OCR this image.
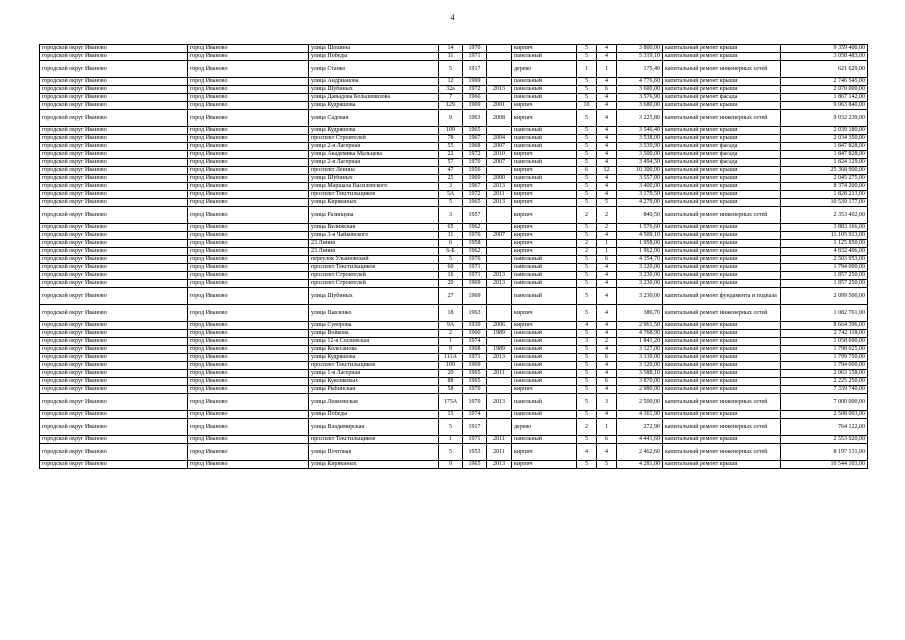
4
городской округ Иваново	город Иваново	улица Шошина	14	1970		кирпич	5	4	3 800,00	капитальный ремонт крыши	9 359 400,00
городской округ Иваново	город Иваново	улица Победы	11	1971		панельный	5	4	5 319,10	капитальный ремонт крыши	3 058 483,00
городской округ Иваново	город Иваново	улица Станко	5	1917		дерево	1	1	175,40	капитальный ремонт инженерных сетей	621 629,00
городской округ Иваново	город Иваново	улица Андрианова	12	1969		панельный	5	4	4 776,60	капитальный ремонт крыши	2 746 545,00
городской округ Иваново	город Иваново	улица Шубиных	32а	1972	2013	панельный	5	6	3 600,00	капитальный ремонт крыши	2 070 000,00
городской округ Иваново	город Иваново	улица Давыдова Большевизова	7	1966		панельный	5	4	3 576,90	капитальный ремонт фасада	1 867 142,00
городской округ Иваново	город Иваново	улица Кудряшова	129	1969	2001	кирпич	10	4	3 680,00	капитальный ремонт крыши	9 063 840,00
городской округ Иваново	город Иваново	улица Садовая	9	1963	2008	кирпич	5	4	3 225,80	капитальный ремонт инженерных сетей	9 032 239,00
городской округ Иваново	город Иваново	улица Кудряшова	109	1965		панельный	5	4	3 546,40	капитальный ремонт крыши	2 039 180,00
городской округ Иваново	город Иваново	проспект Строителей	78	1967	2004	панельный	5	4	3 538,00	капитальный ремонт крыши	2 034 350,00
городской округ Иваново	город Иваново	улица 2-я Лагерная	55	1968	2007	панельный	5	4	3 539,90	капитальный ремонт фасада	1 847 828,00
городской округ Иваново	город Иваново	улица Академика Мальцева	22	1972	2010	кирпич	5	4	3 500,00	капитальный ремонт фасада	1 847 828,00
городской округ Иваново	город Иваново	улица 2-я Лагерная	57	1970	2007	панельный	5	4	3 494,50	капитальный ремонт фасада	1 824 129,00
городской округ Иваново	город Иваново	проспект Ленина	47	1956		кирпич	6	12	10 300,00	капитальный ремонт крыши	25 368 900,00
городской округ Иваново	город Иваново	улица Шубиных	25	1969	2000	панельный	5	4	3 557,00	капитальный ремонт крыши	2 045 275,00
городской округ Иваново	город Иваново	улица Маршала Василевского	3	1967	2013	кирпич	5	4	3 400,00	капитальный ремонт крыши	8 374 200,00
городской округ Иваново	город Иваново	проспект Текстильщиков	5А	1972	2011	кирпич	5	4	3 179,50	капитальный ремонт крыши	1 828 213,00
городской округ Иваново	город Иваново	улица Кирякиных	5	1965	2013	кирпич	5	5	4 279,00	капитальный ремонт крыши	10 539 177,00
городской округ Иваново	город Иваново	улица Разинцева	3	1957		кирпич	2	2	840,50	капитальный ремонт инженерных сетей	2 353 402,00
городской округ Иваново	город Иваново	улица Велижская	65	1962		кирпич	5	2	1 576,60	капитальный ремонт крыши	3 883 166,00
городской округ Иваново	город Иваново	улица 3-я Чайковского	11	1976	2007	кирпич	5	4	4 509,10	капитальный ремонт крыши	11 105 913,00
городской округ Иваново	город Иваново	23 Линия	6	1958		кирпич	2	1	1 958,00	капитальный ремонт крыши	1 125 850,00
городской округ Иваново	город Иваново	23 Линия	6-Б	1962		кирпич	2	1	1 962,00	капитальный ремонт крыши	4 832 406,00
городской округ Иваново	город Иваново	переулок Ульяновский	5	1976		панельный	5	6	4 354,70	капитальный ремонт крыши	2 503 953,00
городской округ Иваново	город Иваново	проспект Текстильщиков	60	1971		панельный	5	4	3 120,00	капитальный ремонт крыши	1 794 000,00
городской округ Иваново	город Иваново	проспект Строителей	16	1971	2013	панельный	5	4	3 230,00	капитальный ремонт крыши	1 857 250,00
городской округ Иваново	город Иваново	проспект Строителей	20	1969	2013	панельный	5	4	3 230,00	капитальный ремонт крыши	1 857 250,00
городской округ Иваново	город Иваново	улица Шубиных	27	1969		панельный	5	4	3 230,00	капитальный ремонт фундамента и подвала	2 099 500,00
городской округ Иваново	город Иваново	улица Павленко	18	1963		кирпич	5	4	386,70	капитальный ремонт инженерных сетей	1 082 761,00
городской округ Иваново	город Иваново	улица Суворова	9А	1930	2006	кирпич	4	4	2 961,50	капитальный ремонт крыши	8 664 396,00
городской округ Иваново	город Иваново	улица Войкова	2	1960	1989	панельный	5	4	4 768,90	капитальный ремонт крыши	2 742 118,00
городской округ Иваново	город Иваново	улица 12-я Сосневская	1	1974		панельный	3	2	1 841,20	капитальный ремонт крыши	1 058 690,00
городской округ Иваново	город Иваново	улица Колесанова	9	1968	1989	панельный	5	4	3 127,00	капитальный ремонт крыши	1 798 025,00
городской округ Иваново	город Иваново	улица Кудряшова	111А	1971	2013	панельный	5	6	3 130,00	капитальный ремонт крыши	1 799 750,00
городской округ Иваново	город Иваново	проспект Текстильщиков	109	1969		панельный	5	4	3 120,00	капитальный ремонт крыши	1 794 000,00
городской округ Иваново	город Иваново	улица 1-я Лагерная	20	1965	2011	панельный	5	4	3 588,10	капитальный ремонт крыши	2 063 158,00
городской округ Иваново	город Иваново	улица Куконковых	88	1965		панельный	5	6	3 870,00	капитальный ремонт крыши	2 225 250,00
городской округ Иваново	город Иваново	улица Рыбинская	58	1970		кирпич	5	4	2 980,00	капитальный ремонт крыши	7 339 740,00
городской округ Иваново	город Иваново	улица Лежневская	175А	1970	2013	панельный	5	3	2 500,00	капитальный ремонт инженерных сетей	7 000 000,00
городской округ Иваново	город Иваново	улица Победы	15	1974		панельный	5	4	4 361,90	капитальный ремонт крыши	2 508 093,00
городской округ Иваново	город Иваново	улица Владимирская	5	1917		дерево	2	1	272,90	капитальный ремонт инженерных сетей	764 122,00
городской округ Иваново	город Иваново	проспект Текстильщиков	1	1971	2011	панельный	5	6	4 441,60	капитальный ремонт крыши	2 553 920,00
городской округ Иваново	город Иваново	улица Почтовая	5	1953	2011	кирпич	4	4	2 462,60	капитальный ремонт инженерных сетей	8 197 131,00
городской округ Иваново	город Иваново	улица Кирякиных	9	1965	2013	кирпич	5	5	4 281,00	капитальный ремонт крыши	10 544 103,00
